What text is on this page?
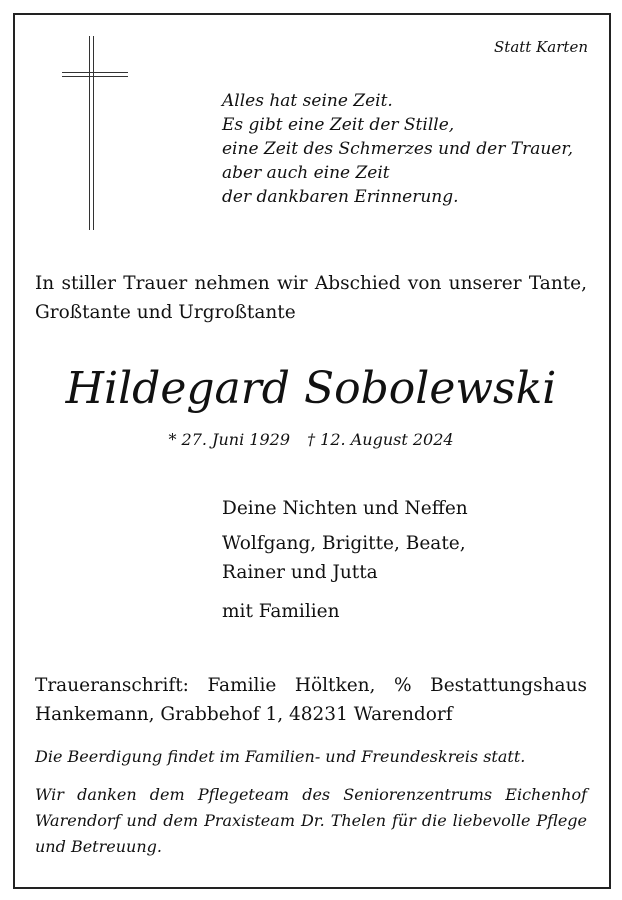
Statt Karten
Alles hat seine Zeit.
Es gibt eine Zeit der Stille,
eine Zeit des Schmerzes und der Trauer,
aber auch eine Zeit
der dankbaren Erinnerung.
In stiller Trauer nehmen wir Abschied von unserer Tante, Großtante und Urgroßtante
Hildegard Sobolewski
* 27. Juni 1929 † 12. August 2024
Deine Nichten und Neffen
Wolfgang, Brigitte, Beate,
Rainer und Jutta
mit Familien
Traueranschrift: Familie Höltken, % Bestattungshaus Hankemann, Grabbehof 1, 48231 Warendorf
Die Beerdigung findet im Familien- und Freundeskreis statt.
Wir danken dem Pflegeteam des Seniorenzentrums Eichenhof Warendorf und dem Praxisteam Dr. Thelen für die liebevolle Pflege und Betreuung.
